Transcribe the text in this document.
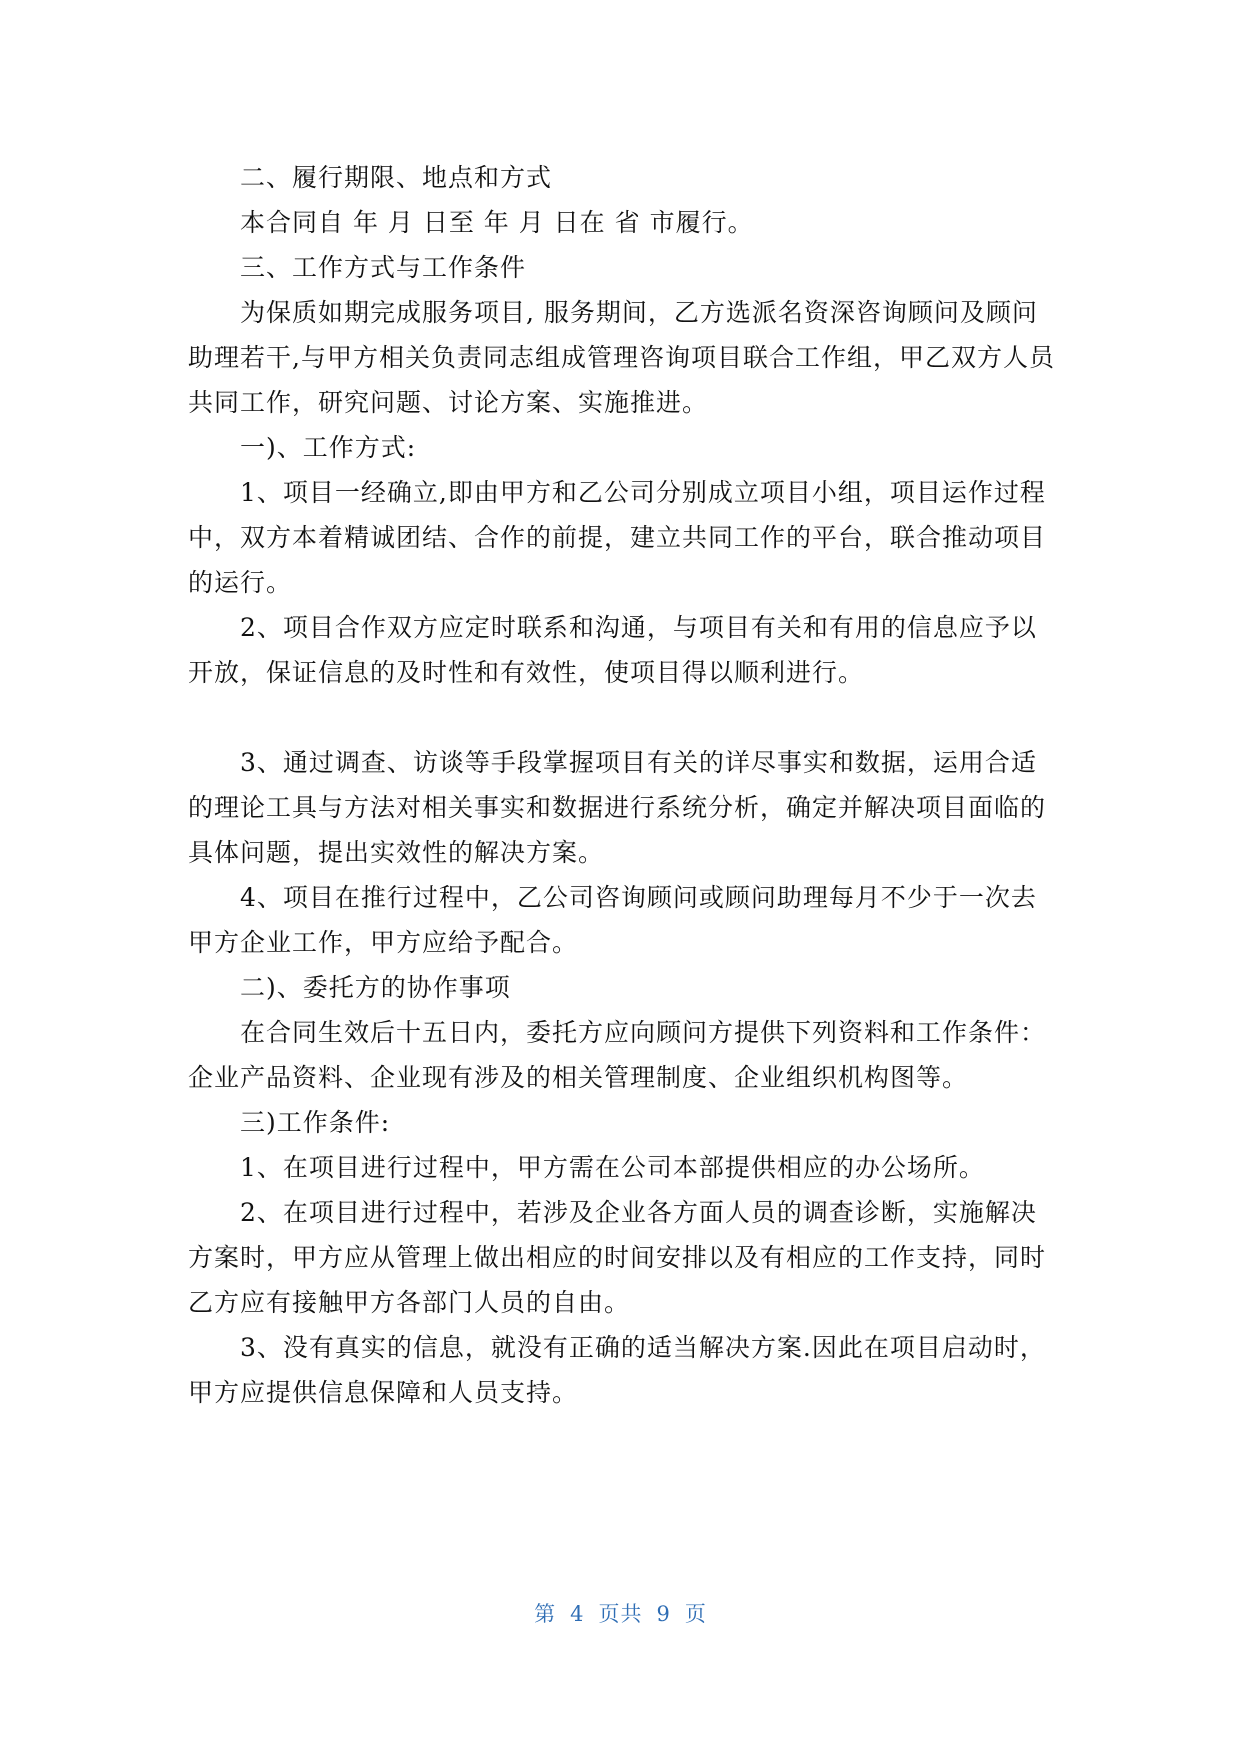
二、履行期限、地点和方式

本合同自 年 月 日至 年 月 日在 省 市履行。

三、工作方式与工作条件

为保质如期完成服务项目, 服务期间，乙方选派名资深咨询顾问及顾问助理若干,与甲方相关负责同志组成管理咨询项目联合工作组，甲乙双方人员共同工作，研究问题、讨论方案、实施推进。

一)、工作方式:

1、项目一经确立,即由甲方和乙公司分别成立项目小组，项目运作过程中，双方本着精诚团结、合作的前提，建立共同工作的平台，联合推动项目的运行。

2、项目合作双方应定时联系和沟通，与项目有关和有用的信息应予以开放，保证信息的及时性和有效性，使项目得以顺利进行。

3、通过调查、访谈等手段掌握项目有关的详尽事实和数据，运用合适的理论工具与方法对相关事实和数据进行系统分析，确定并解决项目面临的具体问题，提出实效性的解决方案。

4、项目在推行过程中，乙公司咨询顾问或顾问助理每月不少于一次去甲方企业工作，甲方应给予配合。

二)、委托方的协作事项

在合同生效后十五日内，委托方应向顾问方提供下列资料和工作条件：企业产品资料、企业现有涉及的相关管理制度、企业组织机构图等。

三)工作条件:

1、在项目进行过程中，甲方需在公司本部提供相应的办公场所。

2、在项目进行过程中，若涉及企业各方面人员的调查诊断，实施解决方案时，甲方应从管理上做出相应的时间安排以及有相应的工作支持，同时乙方应有接触甲方各部门人员的自由。

3、没有真实的信息，就没有正确的适当解决方案.因此在项目启动时，甲方应提供信息保障和人员支持。

第 4 页共 9 页
